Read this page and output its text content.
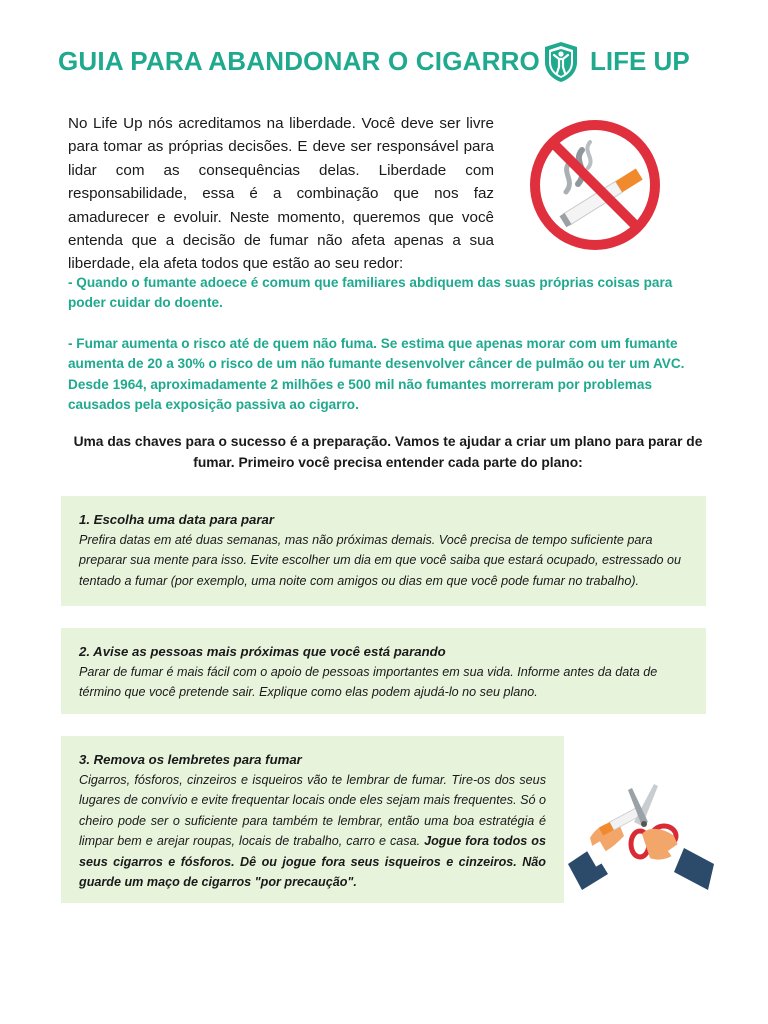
GUIA PARA ABANDONAR O CIGARRO LIFE UP

No Life Up nós acreditamos na liberdade. Você deve ser livre para tomar as próprias decisões. E deve ser responsável para lidar com as consequências delas. Liberdade com responsabilidade, essa é a combinação que nos faz amadurecer e evoluir. Neste momento, queremos que você entenda que a decisão de fumar não afeta apenas a sua liberdade, ela afeta todos que estão ao seu redor:

- Quando o fumante adoece é comum que familiares abdiquem das suas próprias coisas para poder cuidar do doente.

- Fumar aumenta o risco até de quem não fuma. Se estima que apenas morar com um fumante aumenta de 20 a 30% o risco de um não fumante desenvolver câncer de pulmão ou ter um AVC. Desde 1964, aproximadamente 2 milhões e 500 mil não fumantes morreram por problemas causados pela exposição passiva ao cigarro.

Uma das chaves para o sucesso é a preparação. Vamos te ajudar a criar um plano para parar de fumar. Primeiro você precisa entender cada parte do plano:

1. Escolha uma data para parar

Prefira datas em até duas semanas, mas não próximas demais. Você precisa de tempo suficiente para preparar sua mente para isso. Evite escolher um dia em que você saiba que estará ocupado, estressado ou tentado a fumar (por exemplo, uma noite com amigos ou dias em que você pode fumar no trabalho).

2. Avise as pessoas mais próximas que você está parando

Parar de fumar é mais fácil com o apoio de pessoas importantes em sua vida. Informe antes da data de término que você pretende sair. Explique como elas podem ajudá-lo no seu plano.

3. Remova os lembretes para fumar

Cigarros, fósforos, cinzeiros e isqueiros vão te lembrar de fumar. Tire-os dos seus lugares de convívio e evite frequentar locais onde eles sejam mais frequentes. Só o cheiro pode ser o suficiente para também te lembrar, então uma boa estratégia é limpar bem e arejar roupas, locais de trabalho, carro e casa. Jogue fora todos os seus cigarros e fósforos. Dê ou jogue fora seus isqueiros e cinzeiros. Não guarde um maço de cigarros "por precaução".
